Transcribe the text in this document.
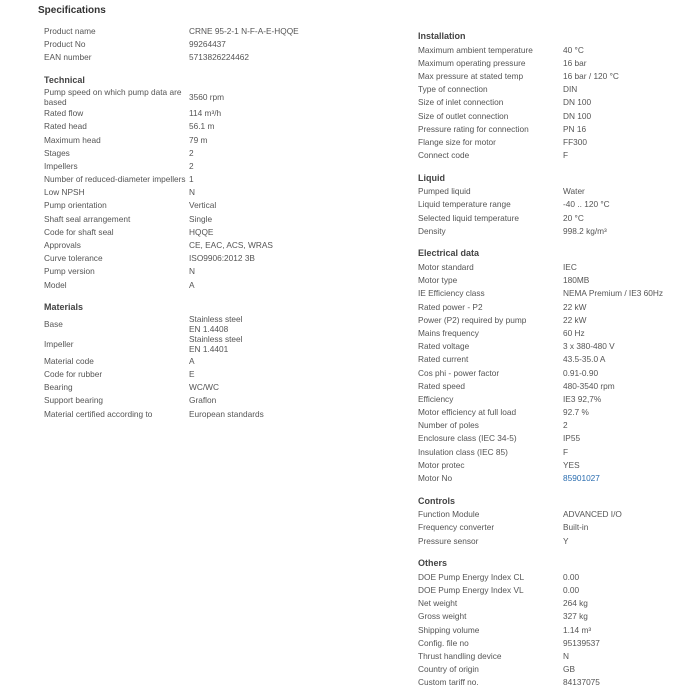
Specifications
Product name	CRNE 95-2-1 N-F-A-E-HQQE
Product No	99264437
EAN number	5713826224462
Technical
Pump speed on which pump data are based	3560 rpm
Rated flow	114 m³/h
Rated head	56.1 m
Maximum head	79 m
Stages	2
Impellers	2
Number of reduced-diameter impellers 1
Low NPSH	N
Pump orientation	Vertical
Shaft seal arrangement	Single
Code for shaft seal	HQQE
Approvals	CE, EAC, ACS, WRAS
Curve tolerance	ISO9906:2012 3B
Pump version	N
Model	A
Materials
Base	Stainless steel
EN 1.4408
Impeller	Stainless steel
EN 1.4401
Material code	A
Code for rubber	E
Bearing	WC/WC
Support bearing	Graflon
Material certified according to	European standards
Installation
Maximum ambient temperature	40 °C
Maximum operating pressure	16 bar
Max pressure at stated temp	16 bar / 120 °C
Type of connection	DIN
Size of inlet connection	DN 100
Size of outlet connection	DN 100
Pressure rating for connection	PN 16
Flange size for motor	FF300
Connect code	F
Liquid
Pumped liquid	Water
Liquid temperature range	-40 .. 120 °C
Selected liquid temperature	20 °C
Density	998.2 kg/m³
Electrical data
Motor standard	IEC
Motor type	180MB
IE Efficiency class	NEMA Premium / IE3 60Hz
Rated power - P2	22 kW
Power (P2) required by pump	22 kW
Mains frequency	60 Hz
Rated voltage	3 x 380-480 V
Rated current	43.5-35.0 A
Cos phi - power factor	0.91-0.90
Rated speed	480-3540 rpm
Efficiency	IE3 92,7%
Motor efficiency at full load	92.7 %
Number of poles	2
Enclosure class (IEC 34-5)	IP55
Insulation class (IEC 85)	F
Motor protec	YES
Motor No	85901027
Controls
Function Module	ADVANCED I/O
Frequency converter	Built-in
Pressure sensor	Y
Others
DOE Pump Energy Index CL	0.00
DOE Pump Energy Index VL	0.00
Net weight	264 kg
Gross weight	327 kg
Shipping volume	1.14 m³
Config. file no	95139537
Thrust handling device	N
Country of origin	GB
Custom tariff no.	84137075
